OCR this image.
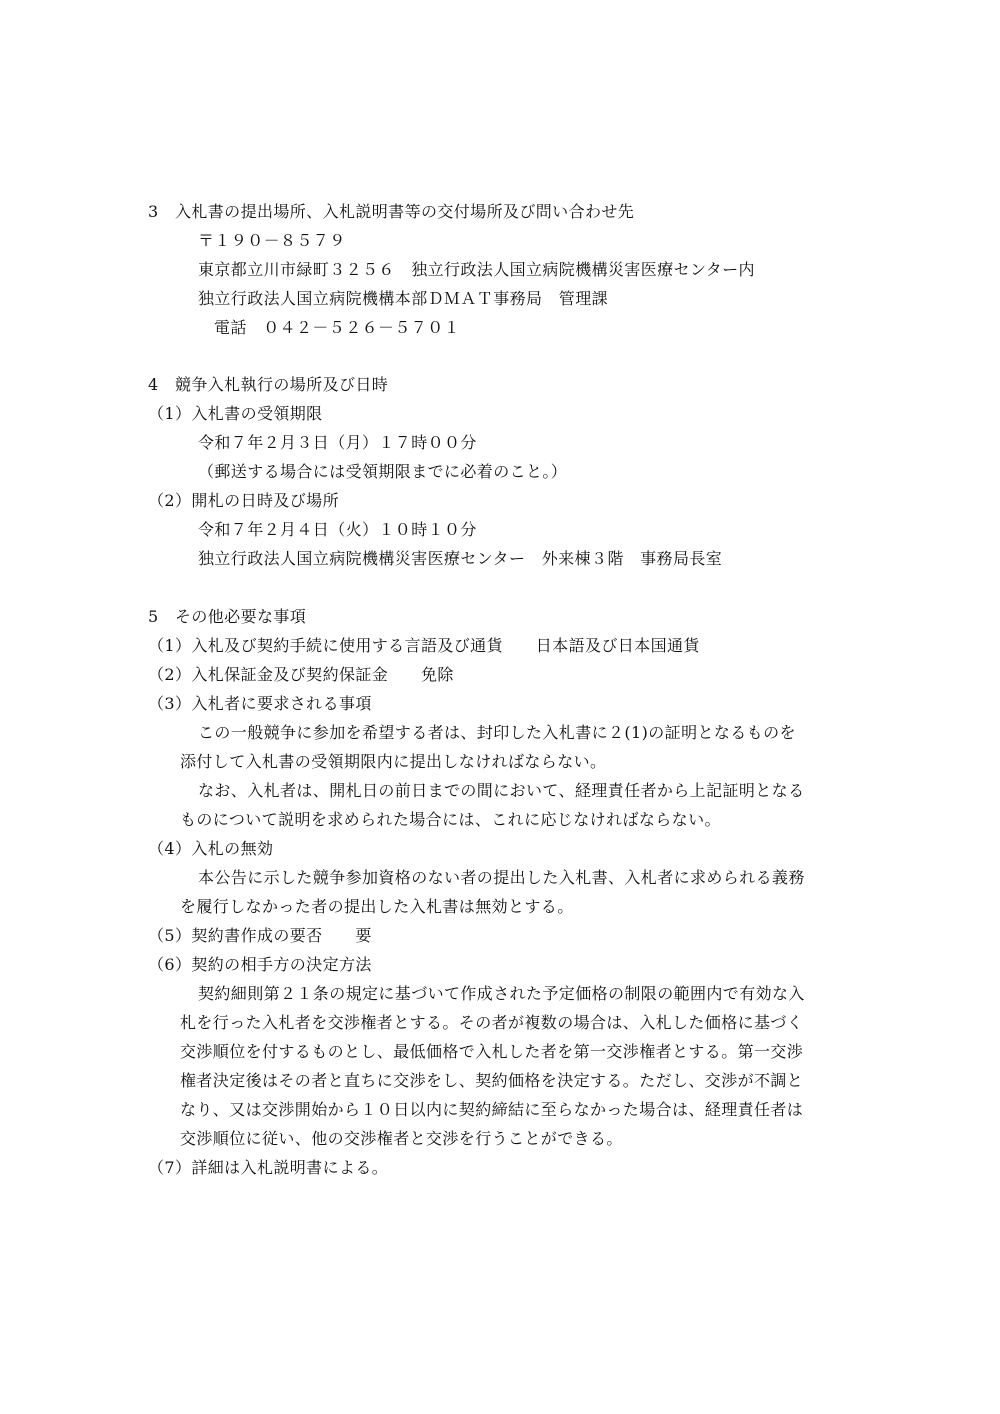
3　入札書の提出場所、入札説明書等の交付場所及び問い合わせ先
〒１９０－８５７９
東京都立川市緑町３２５６　独立行政法人国立病院機構災害医療センター内
独立行政法人国立病院機構本部ＤＭＡＴ事務局　管理課
電話　０４２－５２６－５７０１
4　競争入札執行の場所及び日時
（1）入札書の受領期限
令和７年２月３日（月）１７時００分
（郵送する場合には受領期限までに必着のこと。）
（2）開札の日時及び場所
令和７年２月４日（火）１０時１０分
独立行政法人国立病院機構災害医療センター　外来棟３階　事務局長室
5　その他必要な事項
（1）入札及び契約手続に使用する言語及び通貨　　日本語及び日本国通貨
（2）入札保証金及び契約保証金　　免除
（3）入札者に要求される事項
この一般競争に参加を希望する者は、封印した入札書に２(1)の証明となるものを
添付して入札書の受領期限内に提出しなければならない。
なお、入札者は、開札日の前日までの間において、経理責任者から上記証明となる
ものについて説明を求められた場合には、これに応じなければならない。
（4）入札の無効
本公告に示した競争参加資格のない者の提出した入札書、入札者に求められる義務
を履行しなかった者の提出した入札書は無効とする。
（5）契約書作成の要否　　要
（6）契約の相手方の決定方法
契約細則第２１条の規定に基づいて作成された予定価格の制限の範囲内で有効な入
札を行った入札者を交渉権者とする。その者が複数の場合は、入札した価格に基づく
交渉順位を付するものとし、最低価格で入札した者を第一交渉権者とする。第一交渉
権者決定後はその者と直ちに交渉をし、契約価格を決定する。ただし、交渉が不調と
なり、又は交渉開始から１０日以内に契約締結に至らなかった場合は、経理責任者は
交渉順位に従い、他の交渉権者と交渉を行うことができる。
（7）詳細は入札説明書による。
